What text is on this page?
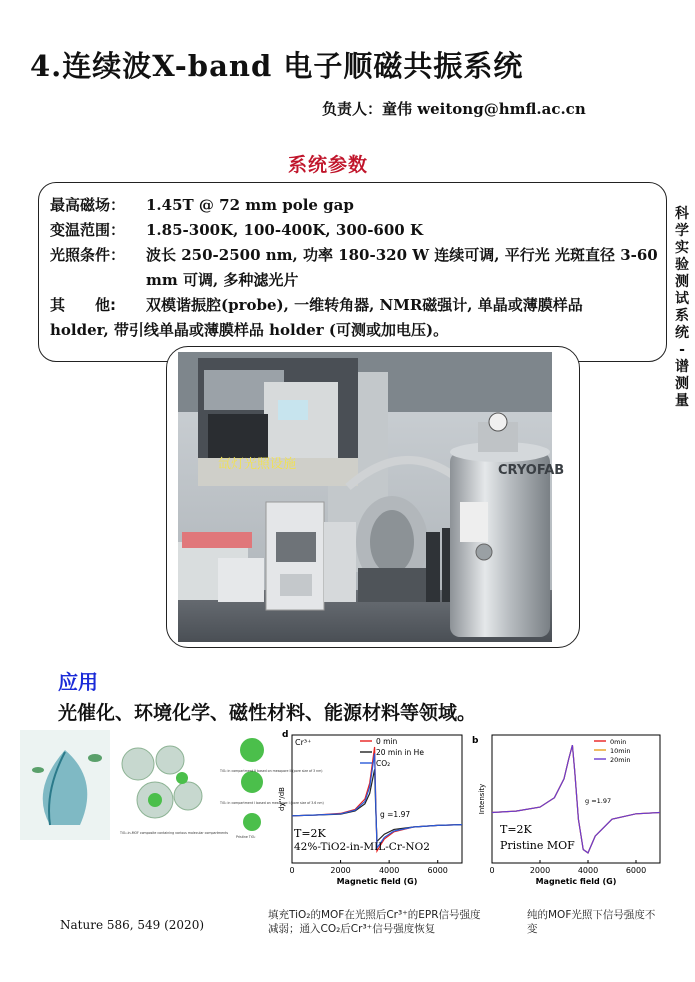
4.连续波X-band 电子顺磁共振系统
负责人：童伟 weitong@hmfl.ac.cn
系统参数
最高磁场：	1.45T @ 72 mm pole gap
变温范围：	1.85-300K, 100-400K, 300-600 K
光照条件：	波长 250-2500 nm, 功率 180-320 W 连续可调, 平行光 光斑直径 3-60 mm 可调, 多种滤光片
其　　他:	双模谐振腔(probe), 一维转角器, NMR磁强计, 单晶或薄膜样品
holder, 带引线单晶或薄膜样品 holder (可测或加电压)。
科
学
实
验
测
试
系
统
-
谱
测
量
CRYOFAB
氙灯光照设施
应用
光催化、环境化学、磁性材料、能源材料等领域。
TiO₂ in compartment II based on mesopore II (pore size of 3 nm)
TiO₂ in compartment I based on mesopore I (pore size of 3.6 nm)
TiO₂-in-MOF composite containing various molecular compartments
Pristine TiO₂
Nature 586, 549 (2020)
0	2000	4000	6000
Magnetic field (G)
dχ''/dB
0 min
20 min in He
CO₂
d
Cr³⁺
g =1.97
T=2K
42%-TiO2-in-MIL-Cr-NO2
0	2000	4000	6000
Magnetic field (G)
Intensity
0min
10min
20min
b
g =1.97
T=2K
Pristine MOF
填充TiO₂的MOF在光照后Cr³⁺的EPR信号强度减弱；通入CO₂后Cr³⁺信号强度恢复
纯的MOF光照下信号强度不变
